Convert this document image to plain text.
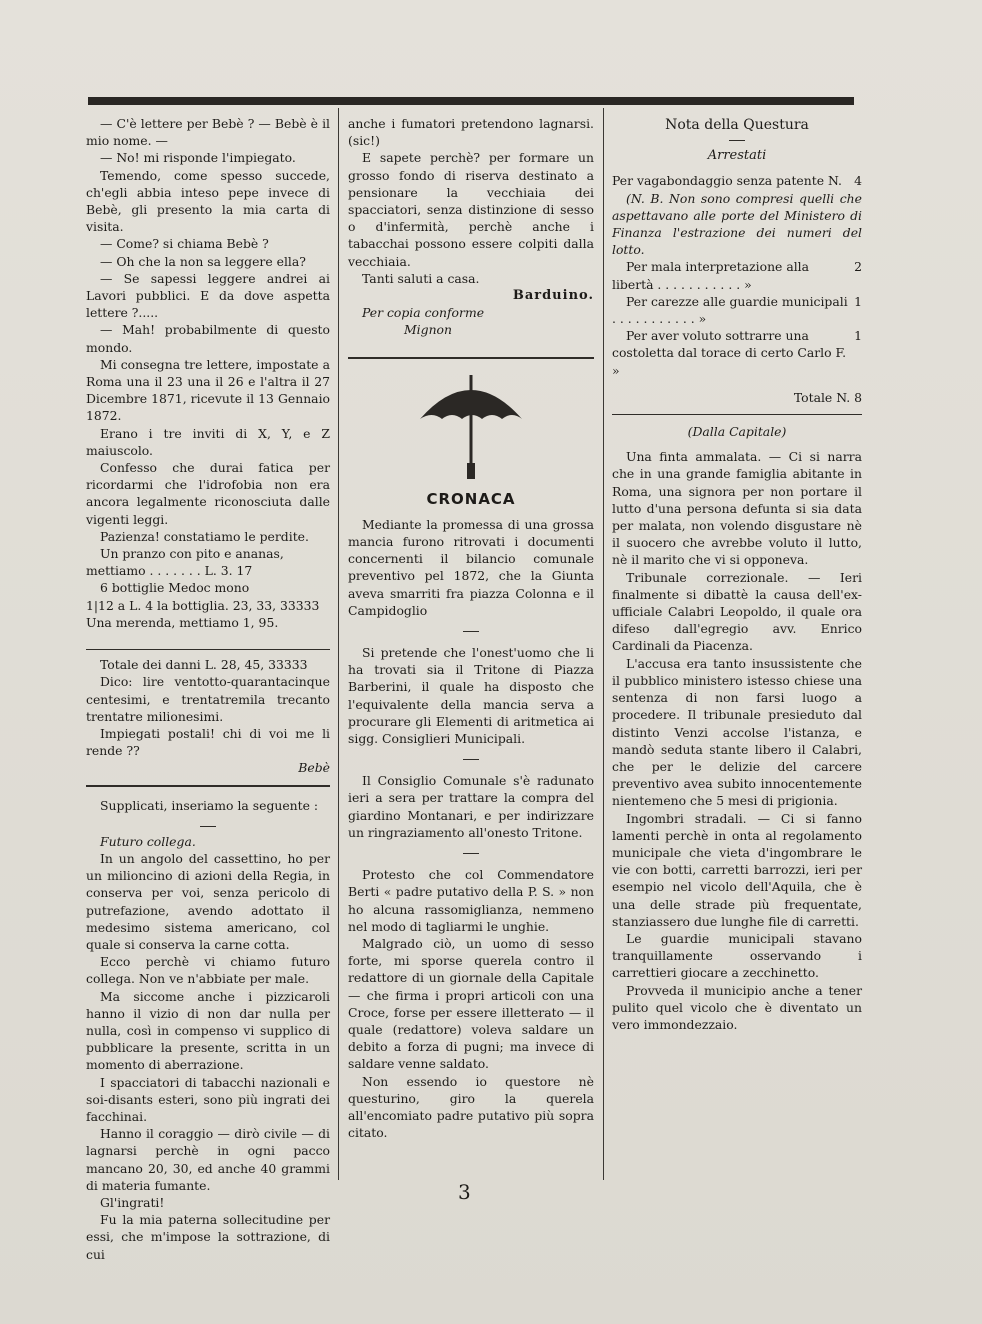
— C'è lettere per Bebè ? — Bebè è il mio nome. —

— No! mi risponde l'impiegato.

Temendo, come spesso succede, ch'egli abbia inteso pepe invece di Bebè, gli presento la mia carta di visita.

— Come? si chiama Bebè ?

— Oh che la non sa leggere ella?

— Se sapessi leggere andrei ai Lavori pubblici. E da dove aspetta lettere ?.....

— Mah! probabilmente di questo mondo.

Mi consegna tre lettere, impostate a Roma una il 23 una il 26 e l'altra il 27 Dicembre 1871, ricevute il 13 Gennaio 1872.

Erano i tre inviti di X, Y, e Z maiuscolo.

Confesso che durai fatica per ricordarmi che l'idrofobia non era ancora legalmente riconosciuta dalle vigenti leggi.

Pazienza! constatiamo le perdite.

Un pranzo con pito e ananas,

mettiamo . . . . . . . L. 3. 17

6 bottiglie Medoc mono

1|12 a L. 4 la bottiglia. 23, 33, 33333

Una merenda, mettiamo 1, 95.

Totale dei danni L. 28, 45, 33333

Dico: lire ventotto-quarantacinque centesimi, e trentatremila trecanto trentatre milionesimi.

Impiegati postali! chi di voi me li rende ??

Bebè

Supplicati, inseriamo la seguente :

Futuro collega.

In un angolo del cassettino, ho per un milioncino di azioni della Regia, in conserva per voi, senza pericolo di putrefazione, avendo adottato il medesimo sistema americano, col quale si conserva la carne cotta.

Ecco perchè vi chiamo futuro collega. Non ve n'abbiate per male.

Ma siccome anche i pizzicaroli hanno il vizio di non dar nulla per nulla, così in compenso vi supplico di pubblicare la presente, scritta in un momento di aberrazione.

I spacciatori di tabacchi nazionali e soi-disants esteri, sono più ingrati dei facchinai.

Hanno il coraggio — dirò civile — di lagnarsi perchè in ogni pacco mancano 20, 30, ed anche 40 grammi di materia fumante.

Gl'ingrati!

Fu la mia paterna sollecitudine per essi, che m'impose la sottrazione, di cui

anche i fumatori pretendono lagnarsi. (sic!)

E sapete perchè? per formare un grosso fondo di riserva destinato a pensionare la vecchiaia dei spacciatori, senza distinzione di sesso o d'infermità, perchè anche i tabacchai possono essere colpiti dalla vecchiaia.

Tanti saluti a casa.

Barduino.

Per copia conforme

Mignon

CRONACA

Mediante la promessa di una grossa mancia furono ritrovati i documenti concernenti il bilancio comunale preventivo pel 1872, che la Giunta aveva smarriti fra piazza Colonna e il Campidoglio

Si pretende che l'onest'uomo che li ha trovati sia il Tritone di Piazza Barberini, il quale ha disposto che l'equivalente della mancia serva a procurare gli Elementi di aritmetica ai sigg. Consiglieri Municipali.

Il Consiglio Comunale s'è radunato ieri a sera per trattare la compra del giardino Montanari, e per indirizzare un ringraziamento all'onesto Tritone.

Protesto che col Commendatore Berti « padre putativo della P. S. » non ho alcuna rassomiglianza, nemmeno nel modo di tagliarmi le unghie.

Malgrado ciò, un uomo di sesso forte, mi sporse querela contro il redattore di un giornale della Capitale — che firma i propri articoli con una Croce, forse per essere illetterato — il quale (redattore) voleva saldare un debito a forza di pugni; ma invece di saldare venne saldato.

Non essendo io questore nè questurino, giro la querela all'encomiato padre putativo più sopra citato.

Nota della Questura

Arrestati

Per vagabondaggio senza patente N. 4

(N. B. Non sono compresi quelli che aspettavano alle porte del Ministero di Finanza l'estrazione dei numeri del lotto.

Per mala interpretazione alla libertà . . . . . . . . . . . »
2
Per carezze alle guardie municipali . . . . . . . . . . . »
1
Per aver voluto sottrarre una costoletta dal torace di certo Carlo F. »
1

Totale N. 8

(Dalla Capitale)

Una finta ammalata. — Ci si narra che in una grande famiglia abitante in Roma, una signora per non portare il lutto d'una persona defunta si sia data per malata, non volendo disgustare nè il suocero che avrebbe voluto il lutto, nè il marito che vi si opponeva.

Tribunale correzionale. — Ieri finalmente si dibattè la causa dell'ex-ufficiale Calabri Leopoldo, il quale ora difeso dall'egregio avv. Enrico Cardinali da Piacenza.

L'accusa era tanto insussistente che il pubblico ministero istesso chiese una sentenza di non farsi luogo a procedere. Il tribunale presieduto dal distinto Venzi accolse l'istanza, e mandò seduta stante libero il Calabri, che per le delizie del carcere preventivo avea subito innocentemente nientemeno che 5 mesi di prigionia.

Ingombri stradali. — Ci si fanno lamenti perchè in onta al regolamento municipale che vieta d'ingombrare le vie con botti, carretti barrozzi, ieri per esempio nel vicolo dell'Aquila, che è una delle strade più frequentate, stanziassero due lunghe file di carretti.

Le guardie municipali stavano tranquillamente osservando i carrettieri giocare a zecchinetto.

Provveda il municipio anche a tener pulito quel vicolo che è diventato un vero immondezzaio.

3
